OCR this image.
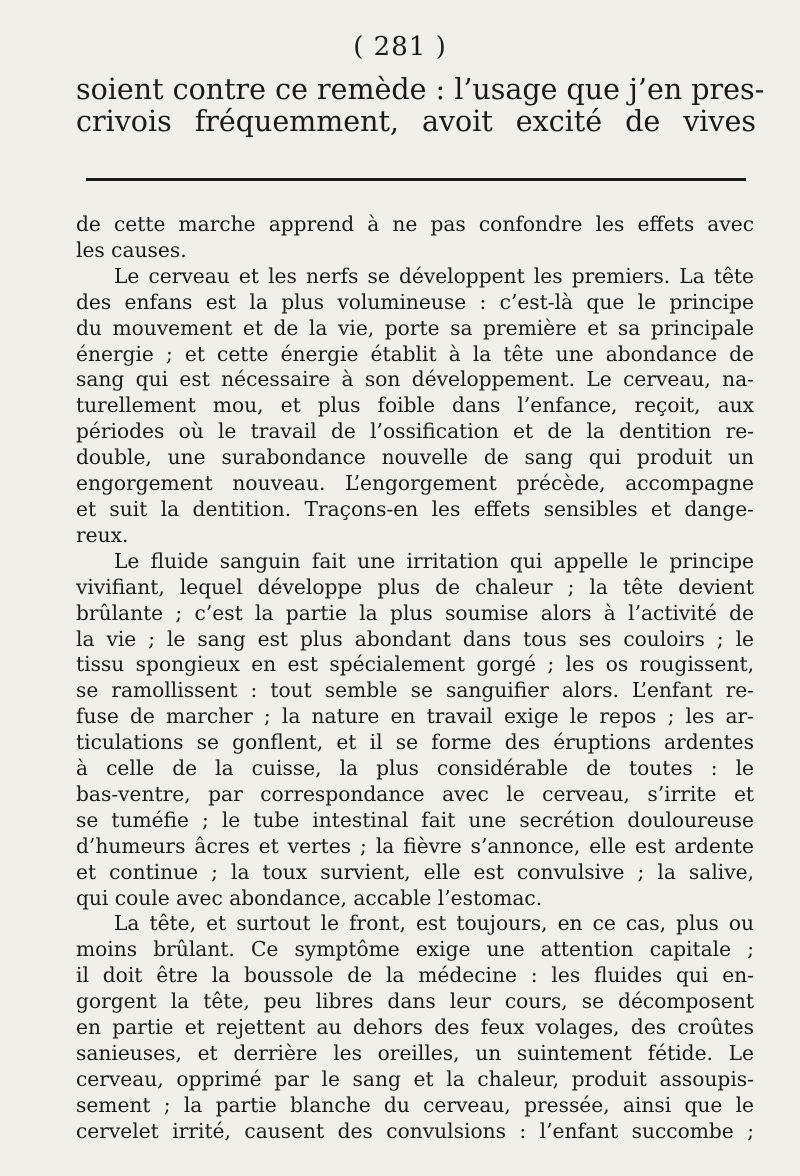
( 281 )
soient contre ce remède : l’usage que j’en pres-
crivois fréquemment, avoit excité de vives
de cette marche apprend à ne pas confondre les effets avec
les causes.
Le cerveau et les nerfs se développent les premiers. La tête
des enfans est la plus volumineuse : c’est-là que le principe
du mouvement et de la vie, porte sa première et sa principale
énergie ; et cette énergie établit à la tête une abondance de
sang qui est nécessaire à son développement. Le cerveau, na-
turellement mou, et plus foible dans l’enfance, reçoit, aux
périodes où le travail de l’ossification et de la dentition re-
double, une surabondance nouvelle de sang qui produit un
engorgement nouveau. L’engorgement précède, accompagne
et suit la dentition. Traçons-en les effets sensibles et dange-
reux.
Le fluide sanguin fait une irritation qui appelle le principe
vivifiant, lequel développe plus de chaleur ; la tête devient
brûlante ; c’est la partie la plus soumise alors à l’activité de
la vie ; le sang est plus abondant dans tous ses couloirs ; le
tissu spongieux en est spécialement gorgé ; les os rougissent,
se ramollissent : tout semble se sanguifier alors. L’enfant re-
fuse de marcher ; la nature en travail exige le repos ; les ar-
ticulations se gonflent, et il se forme des éruptions ardentes
à celle de la cuisse, la plus considérable de toutes : le
bas-ventre, par correspondance avec le cerveau, s’irrite et
se tuméfie ; le tube intestinal fait une secrétion douloureuse
d’humeurs âcres et vertes ; la fièvre s’annonce, elle est ardente
et continue ; la toux survient, elle est convulsive ; la salive,
qui coule avec abondance, accable l’estomac.
La tête, et surtout le front, est toujours, en ce cas, plus ou
moins brûlant. Ce symptôme exige une attention capitale ;
il doit être la boussole de la médecine : les fluides qui en-
gorgent la tête, peu libres dans leur cours, se décomposent
en partie et rejettent au dehors des feux volages, des croûtes
sanieuses, et derrière les oreilles, un suintement fétide. Le
cerveau, opprimé par le sang et la chaleur, produit assoupis-
sement ; la partie blanche du cerveau, pressée, ainsi que le
cervelet irrité, causent des convulsions : l’enfant succombe ;
